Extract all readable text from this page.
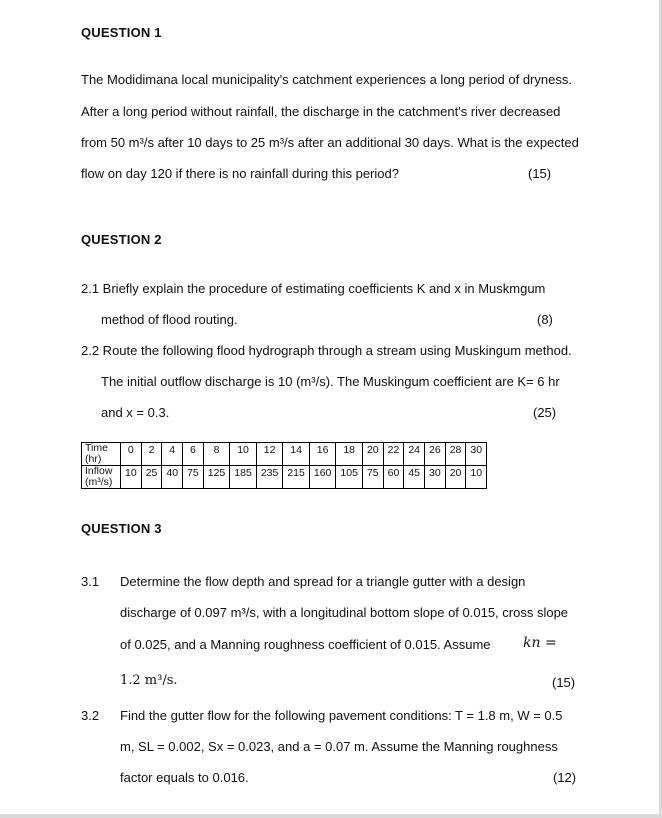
QUESTION 1
The Modidimana local municipality's catchment experiences a long period of dryness.
After a long period without rainfall, the discharge in the catchment's river decreased
from 50 m³/s after 10 days to 25 m³/s after an additional 30 days. What is the expected
flow on day 120 if there is no rainfall during this period?	(15)
QUESTION 2
2.1 Briefly explain the procedure of estimating coefficients K and x in Muskmgum
method of flood routing.	(8)
2.2 Route the following flood hydrograph through a stream using Muskingum method.
The initial outflow discharge is 10 (m³/s). The Muskingum coefficient are K= 6 hr
and x = 0.3.	(25)
Time (hr)	0	2	4	6	8	10	12	14	16	18	20	22	24	26	28	30
Inflow (m³/s)	10	25	40	75	125	185	235	215	160	105	75	60	45	30	20	10
QUESTION 3
3.1 Determine the flow depth and spread for a triangle gutter with a design
discharge of 0.097 m³/s, with a longitudinal bottom slope of 0.015, cross slope
of 0.025, and a Manning roughness coefficient of 0.015. Assume kn =
1.2 m³/s.	(15)
3.2 Find the gutter flow for the following pavement conditions: T = 1.8 m, W = 0.5
m, SL = 0.002, Sx = 0.023, and a = 0.07 m. Assume the Manning roughness
factor equals to 0.016.	(12)
